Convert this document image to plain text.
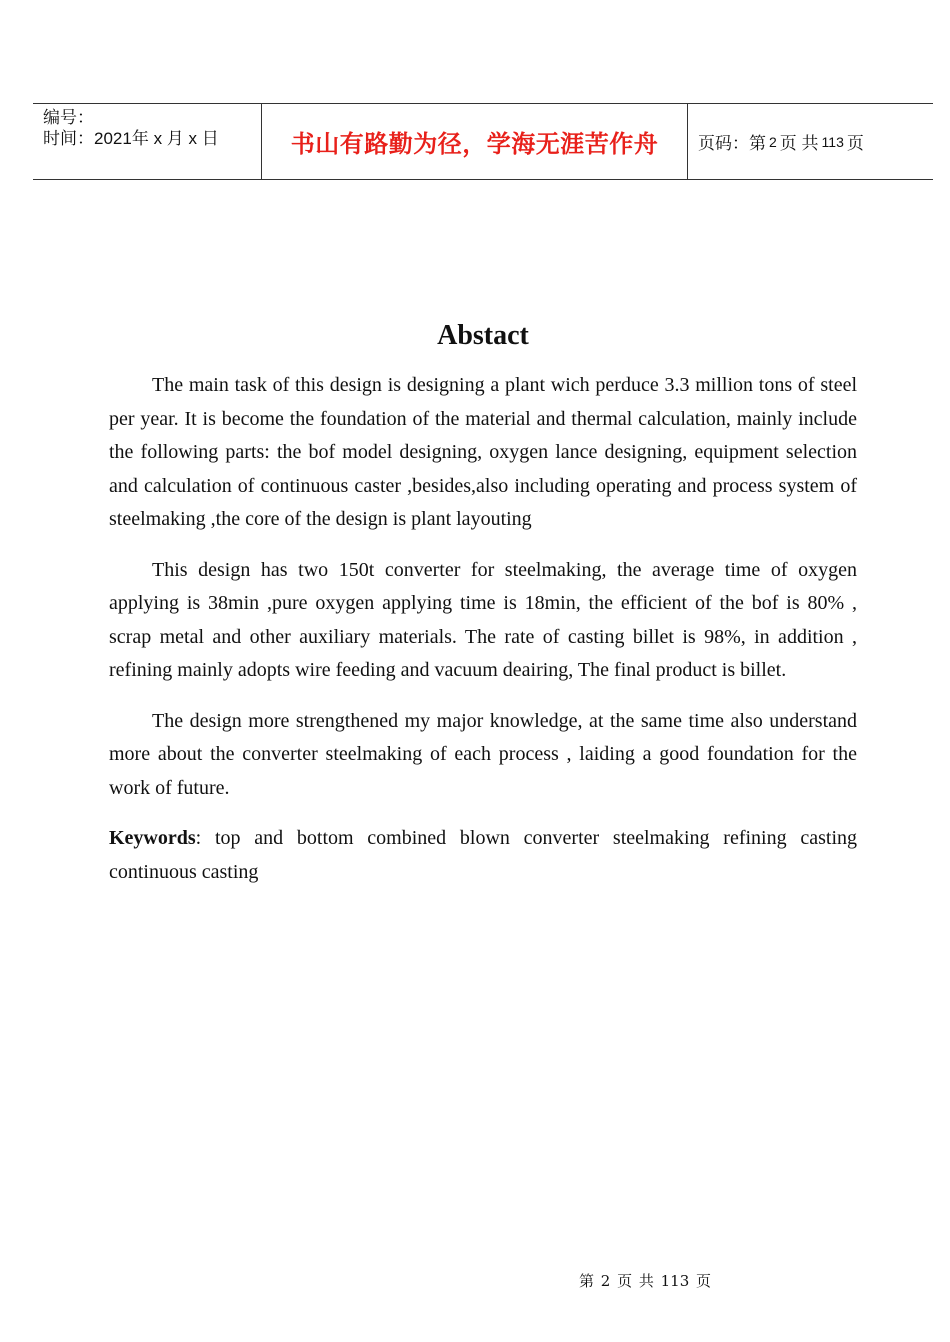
编号：
时间：2021年 x 月 x 日	书山有路勤为径，学海无涯苦作舟 页码：第 2 页 共 113 页
Abstact

The main task of this design is designing a plant wich perduce 3.3 million tons of steel per year. It is become the foundation of the material and thermal calculation, mainly include the following parts: the bof model designing, oxygen lance designing, equipment selection and calculation of continuous caster ,besides,also including operating and process system of steelmaking ,the core of the design is plant layouting

This design has two 150t converter for steelmaking, the average time of oxygen applying is 38min ,pure oxygen applying time is 18min, the efficient of the bof is 80% , scrap metal and other auxiliary materials. The rate of casting billet is 98%, in addition , refining mainly adopts wire feeding and vacuum deairing, The final product is billet.

The design more strengthened my major knowledge, at the same time also understand more about the converter steelmaking of each process , laiding a good foundation for the work of future.

Keywords: top and bottom combined blown converter steelmaking refining casting continuous casting

第 2 页 共 113 页
